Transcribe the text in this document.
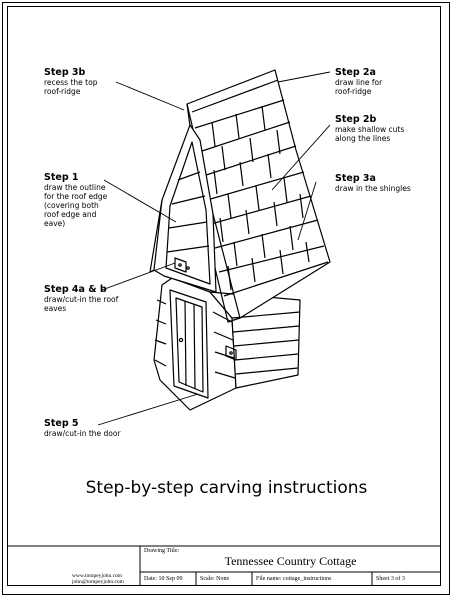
Step 3b
recess the top
roof-ridge
Step 2a
draw line for
roof-ridge
Step 2b
make shallow cuts
along the lines
Step 1
draw the outline
for the roof edge
(covering both
roof edge and
eave)
Step 3a
draw in the shingles
Step 4a & b
draw/cut-in the roof
eaves
Step 5
draw/cut-in the door
Step-by-step carving instructions
Drawing Title:
Tennessee Country Cottage
www.tompeyjohn.com
john@tompeyjohn.com	Date: 10 Sep 09	Scale: None	File name: cottage_instructions	Sheet 3 of 3
